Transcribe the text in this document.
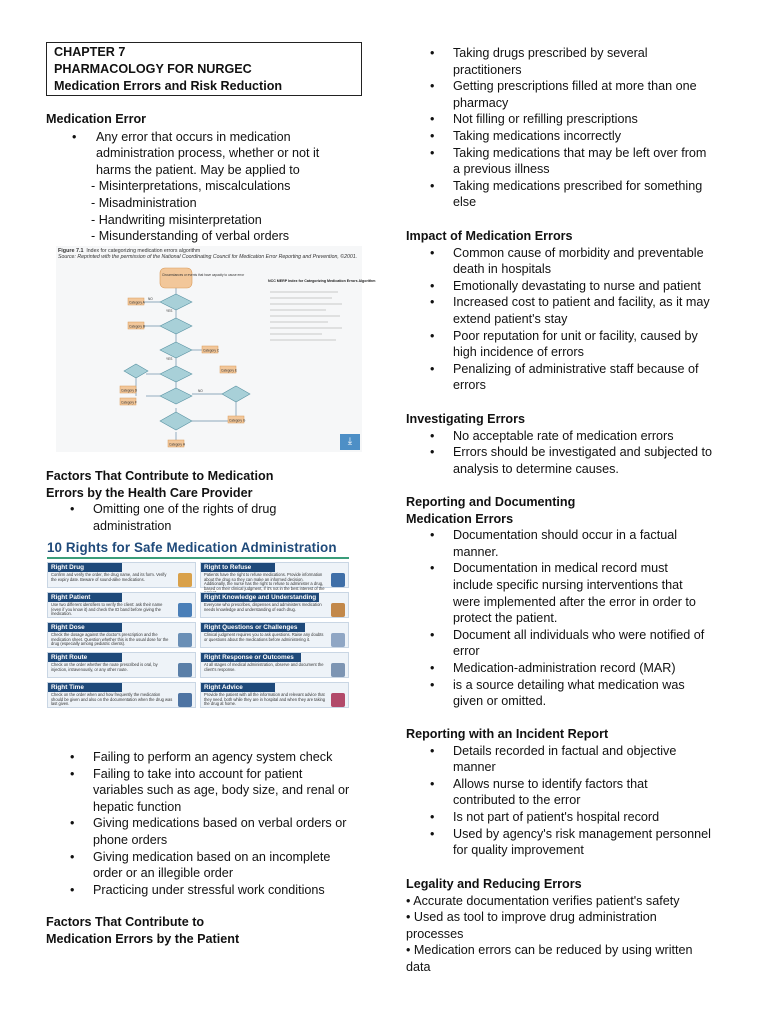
CHAPTER 7
PHARMACOLOGY FOR NURGEC
Medication Errors and Risk Reduction
Medication Error
• Any error that occurs in medication
administration process, whether or not it
harms the patient. May be applied to
- Misinterpretations, miscalculations
- Misadministration
- Handwriting misinterpretation
- Misunderstanding of verbal orders
Figure 7.1 Index for categorizing medication errors algorithm
Source: Reprinted with the permission of the National Coordinating Council for Medication Error Reporting and Prevention, ©2001.
Circumstances or events that have capacity to cause error
Category A
Category B
Category C
Category D
Category E
Category F
Category G
Category H
YES
NO
YES
NO
NCC MERP Index for Categorizing Medication Errors Algorithm
⤓
Factors That Contribute to Medication
Errors by the Health Care Provider
• Omitting one of the rights of drug
administration
10 Rights for Safe Medication Administration
Right Drug
Confirm and verify the order, the drug name, and its form. Verify the expiry date. Beware of sound-alike medications.
Right to Refuse
Patients have the right to refuse medications. Provide information about the drug so they can make an informed decision. Additionally, the nurse has the right to refuse to administer a drug, based on their clinical judgment, if it's not in the best interest of the
Right Patient
Use two different identifiers to verify the client: ask their name (even if you know it) and check the ID band before giving the medication.
Right Knowledge and Understanding
Everyone who prescribes, dispenses and administers medication needs knowledge and understanding of each drug.
Right Dose
Check the dosage against the doctor's prescription and the medication sheet. Question whether this is the usual dose for the drug (especially among pediatric clients).
Right Questions or Challenges
Clinical judgment requires you to ask questions. Raise any doubts or questions about the medications before administering it.
Right Route
Check on the order whether the route prescribed is oral, by injection, intravenously, or any other route.
Right Response or Outcomes
At all stages of medical administration, observe and document the client's response.
Right Time
Check on the order when and how frequently the medication should be given and also on the documentation when the drug was last given.
Right Advice
Provide the patient with all the information and relevant advice that they need, both while they are in hospital and when they are taking the drug at home.
• Failing to perform an agency system check
• Failing to take into account for patient
variables such as age, body size, and renal or
hepatic function
• Giving medications based on verbal orders or
phone orders
• Giving medication based on an incomplete
order or an illegible order
• Practicing under stressful work conditions
Factors That Contribute to
Medication Errors by the Patient
• Taking drugs prescribed by several
practitioners
• Getting prescriptions filled at more than one
pharmacy
• Not filling or refilling prescriptions
• Taking medications incorrectly
• Taking medications that may be left over from
a previous illness
• Taking medications prescribed for something
else
Impact of Medication Errors
• Common cause of morbidity and preventable
death in hospitals
• Emotionally devastating to nurse and patient
• Increased cost to patient and facility, as it may
extend patient's stay
• Poor reputation for unit or facility, caused by
high incidence of errors
• Penalizing of administrative staff because of
errors
Investigating Errors
• No acceptable rate of medication errors
• Errors should be investigated and subjected to
analysis to determine causes.
Reporting and Documenting
Medication Errors
• Documentation should occur in a factual
manner.
• Documentation in medical record must
include specific nursing interventions that
were implemented after the error in order to
protect the patient.
• Document all individuals who were notified of
error
• Medication-administration record (MAR)
• is a source detailing what medication was
given or omitted.
Reporting with an Incident Report
• Details recorded in factual and objective
manner
• Allows nurse to identify factors that
contributed to the error
• Is not part of patient's hospital record
• Used by agency's risk management personnel
for quality improvement
Legality and Reducing Errors
• Accurate documentation verifies patient's safety
• Used as tool to improve drug administration
processes
• Medication errors can be reduced by using written
data
